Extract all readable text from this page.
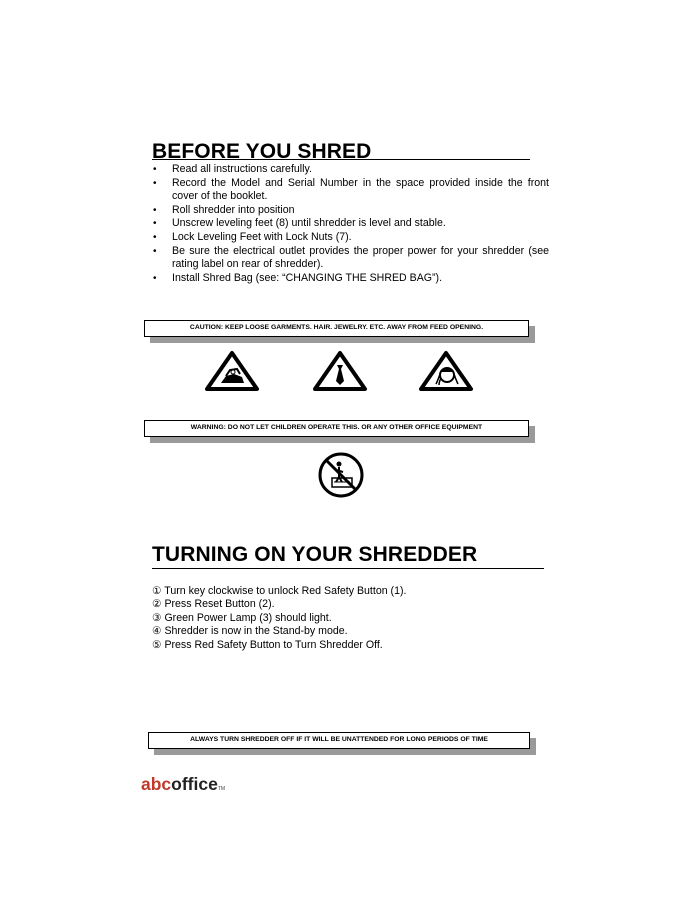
BEFORE YOU SHRED
• Read all instructions carefully.
• Record the Model and Serial Number in the space provided inside the front cover of the booklet.
• Roll shredder into position
• Unscrew leveling feet (8) until shredder is level and stable.
• Lock Leveling Feet with Lock Nuts (7).
• Be sure the electrical outlet provides the proper power for your shredder (see rating label on rear of shredder).
• Install Shred Bag (see: “CHANGING THE SHRED BAG”).
CAUTION: KEEP LOOSE GARMENTS. HAIR. JEWELRY. ETC. AWAY FROM FEED OPENING.
WARNING: DO NOT LET CHILDREN OPERATE THIS. OR ANY OTHER OFFICE EQUIPMENT
TURNING ON YOUR SHREDDER
① Turn key clockwise to unlock Red Safety Button (1).
② Press Reset Button (2).
③ Green Power Lamp (3) should light.
④ Shredder is now in the Stand-by mode.
⑤ Press Red Safety Button to Turn Shredder Off.
ALWAYS TURN SHREDDER OFF IF IT WILL BE UNATTENDED FOR LONG PERIODS OF TIME
abcofficeTM
